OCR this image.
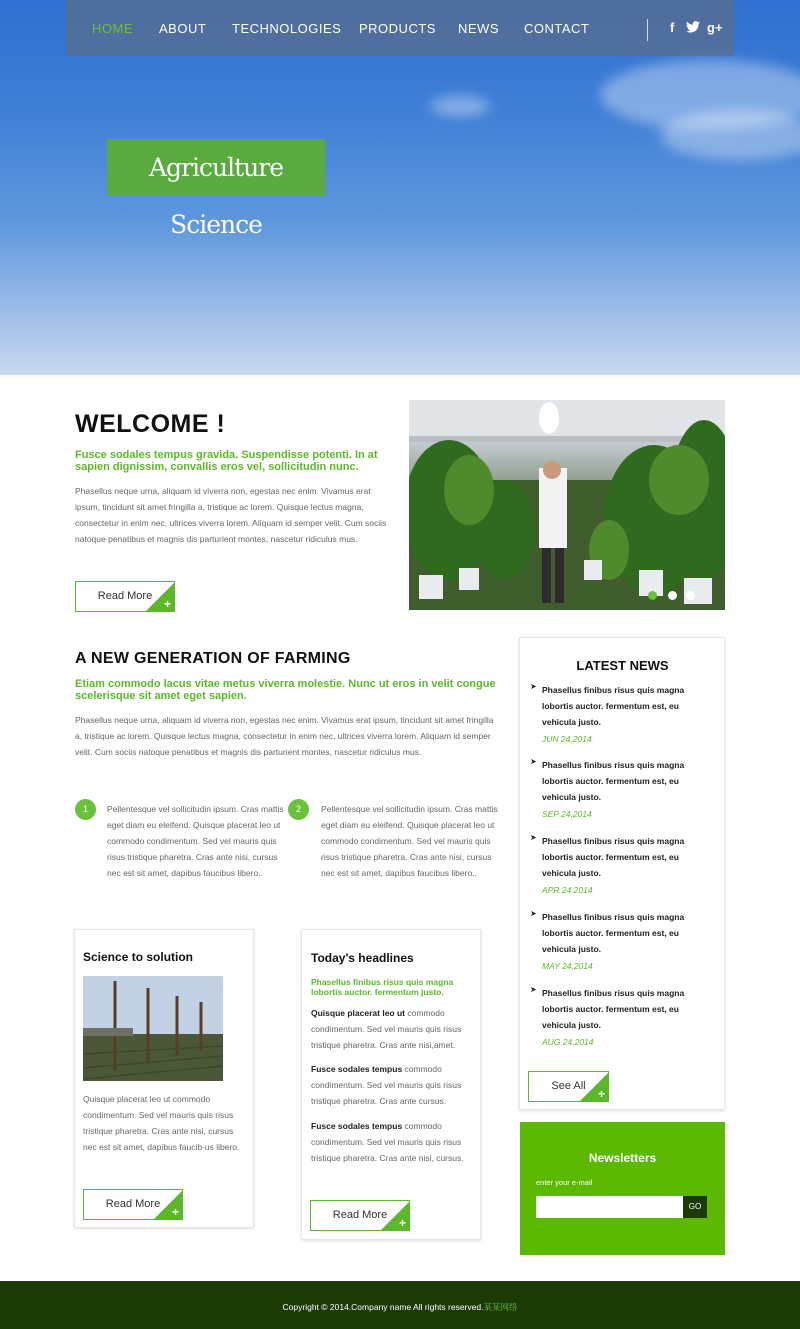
HOME ABOUT TECHNOLOGIES PRODUCTS NEWS CONTACT	f	g+
Agriculture Science
WELCOME !
Fusce sodales tempus gravida. Suspendisse potenti. In at sapien dignissim, convallis eros vel, sollicitudin nunc.
Phasellus neque urna, aliquam id viverra non, egestas nec enim. Vivamus erat ipsum, tincidunt sit amet fringilla a, tristique ac lorem. Quisque lectus magna, consectetur in enim nec, ultrices viverra lorem. Aliquam id semper velit. Cum sociis natoque penatibus et magnis dis parturient montes, nascetur ridiculus mus.
Read More
+
A NEW GENERATION OF FARMING
Etiam commodo lacus vitae metus viverra molestie. Nunc ut eros in velit congue scelerisque sit amet eget sapien.
Phasellus neque urna, aliquam id viverra non, egestas nec enim. Vivamus erat ipsum, tincidunt sit amet fringilla a, tristique ac lorem. Quisque lectus magna, consectetur in enim nec, ultrices viverra lorem. Aliquam id semper velit. Cum sociis natoque penatibus et magnis dis parturient montes, nascetur ridiculus mus.
1	Pellentesque vel sollicitudin ipsum. Cras mattis eget diam eu eleifend. Quisque placerat leo ut commodo condimentum. Sed vel mauris quis risus tristique pharetra. Cras ante nisi, cursus nec est sit amet, dapibus faucibus libero..
2	Pellentesque vel sollicitudin ipsum. Cras mattis eget diam eu eleifend. Quisque placerat leo ut commodo condimentum. Sed vel mauris quis risus tristique pharetra. Cras ante nisi, cursus nec est sit amet, dapibus faucibus libero..
Science to solution
Quisque placerat leo ut commodo condimentum. Sed vel mauris quis risus tristique pharetra. Cras ante nisi, cursus nec est sit amet, dapibus faucib-us libero.
Read More
+
Today's headlines
Phasellus finibus risus quis magna lobortis auctor. fermentum justo.
Quisque placerat leo ut commodo condimentum. Sed vel mauris quis risus tristique pharetra. Cras ante nisi,amet.
Fusce sodales tempus commodo condimentum. Sed vel mauris quis risus tristique pharetra. Cras ante cursus.
Fusce sodales tempus commodo condimentum. Sed vel mauris quis risus tristique pharetra. Cras ante nisi, cursus.
Read More
+
LATEST NEWS
➤ Phasellus finibus risus quis magna lobortis auctor. fermentum est, eu vehicula justo.
JUN 24,2014
➤ Phasellus finibus risus quis magna lobortis auctor. fermentum est, eu vehicula justo.
SEP 24,2014
➤ Phasellus finibus risus quis magna lobortis auctor. fermentum est, eu vehicula justo.
APR 24,2014
➤ Phasellus finibus risus quis magna lobortis auctor. fermentum est, eu vehicula justo.
MAY 24,2014
➤ Phasellus finibus risus quis magna lobortis auctor. fermentum est, eu vehicula justo.
AUG 24,2014
See All
+
Newsletters
enter your e-mail
GO
Copyright © 2014.Company name All rights reserved.某某网络
